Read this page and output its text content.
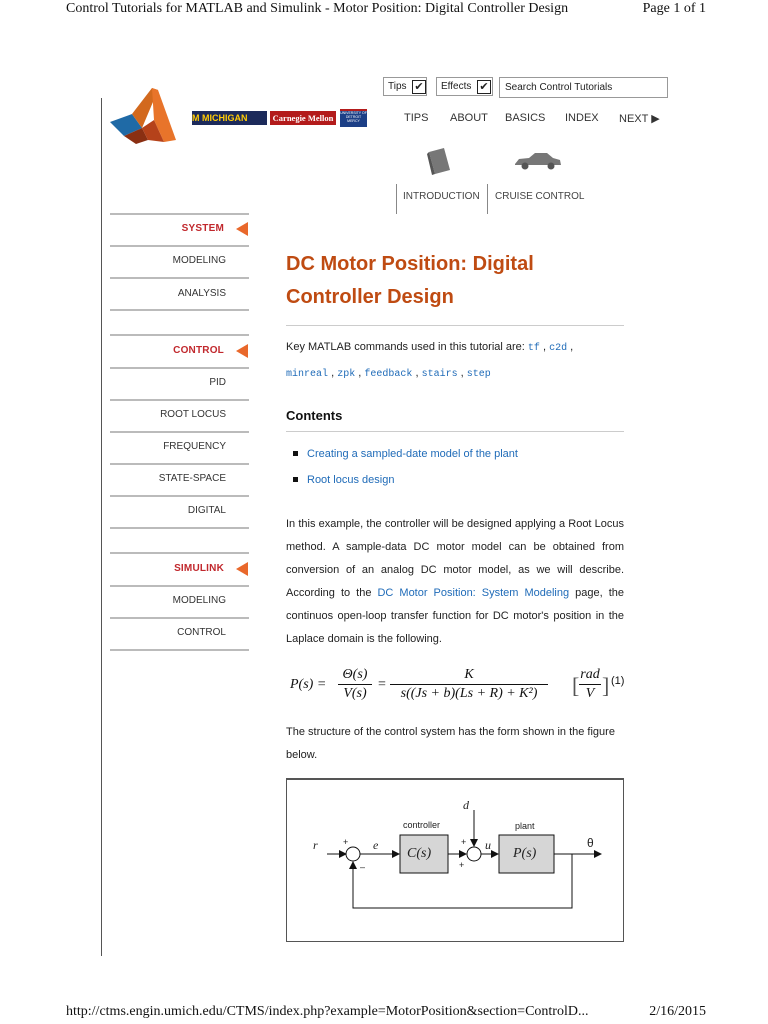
Control Tutorials for MATLAB and Simulink - Motor Position: Digital Controller Design	Page 1 of 1
M MICHIGAN	Carnegie Mellon	UNIVERSITY OF DETROIT MERCY
Tips ✔ Effects ✔	Search Control Tutorials
TIPS ABOUT BASICS INDEX NEXT ▶
INTRODUCTION CRUISE CONTROL
SYSTEM
MODELING
ANALYSIS
CONTROL
PID
ROOT LOCUS
FREQUENCY
STATE-SPACE
DIGITAL
SIMULINK
MODELING
CONTROL
DC Motor Position: Digital
Controller Design
Key MATLAB commands used in this tutorial are: tf , c2d ,
minreal , zpk , feedback , stairs , step
Contents
Creating a sampled-date model of the plant
Root locus design
In this example, the controller will be designed applying a Root Locus method. A sample-data DC motor model can be obtained from conversion of an analog DC motor model, as we will describe. According to the DC Motor Position: System Modeling page, the continuos open-loop transfer function for DC motor's position in the Laplace domain is the following.
P(s) =
Θ(s)
V(s)
=
K
s((Js + b)(Ls + R) + K²)	[ rad
V ] (1)
The structure of the control system has the form shown in the figure below.
r	+
–
e
controller
C(s)
d
+
+
u
plant
P(s)
θ
http://ctms.engin.umich.edu/CTMS/index.php?example=MotorPosition&section=ControlD...	2/16/2015
